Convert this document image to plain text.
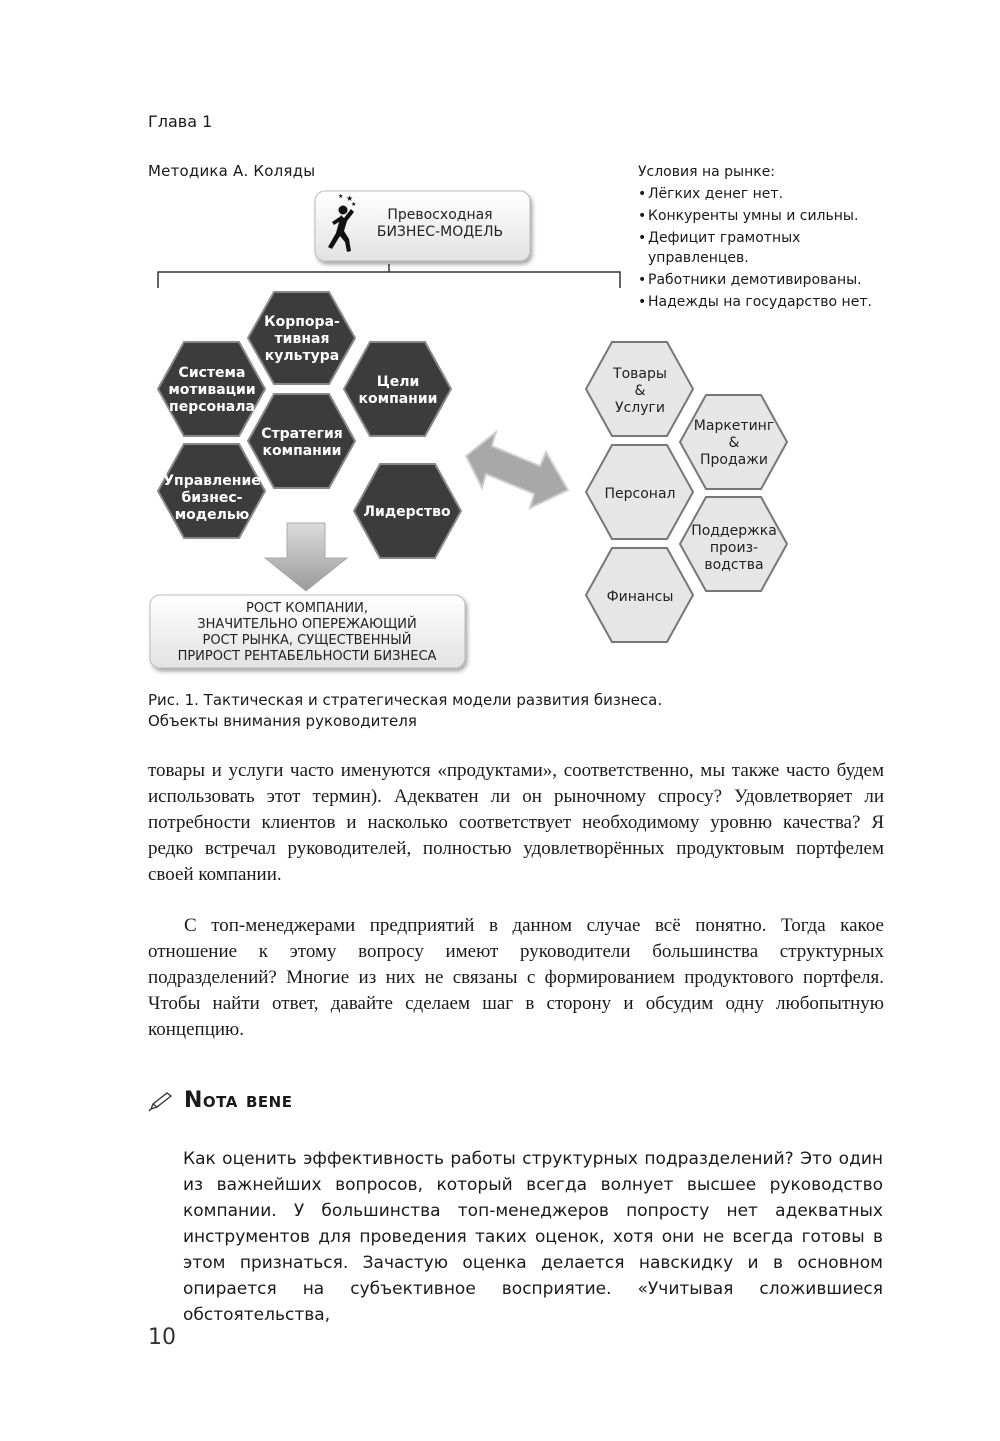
Глава 1
Методика А. Коляды	Условия на рынке:
• Лёгких денег нет.
• Конкуренты умны и сильны.
• Дефицит грамотных управленцев.
• Работники демотивированы.
• Надежды на государство нет.
★
★
★
Превосходная
БИЗНЕС-МОДЕЛЬ
Корпора-
тивная
культура
Система
мотивации
персонала
Цели
компании
Стратегия
компании
Управление
бизнес-
моделью	Лидерство
РОСТ КОМПАНИИ,
ЗНАЧИТЕЛЬНО ОПЕРЕЖАЮЩИЙ
РОСТ РЫНКА, СУЩЕСТВЕННЫЙ
ПРИРОСТ РЕНТАБЕЛЬНОСТИ БИЗНЕСА
Товары
&
Услуги
Маркетинг
&
Продажи
Персонал
Поддержка
произ-
водства
Финансы
Рис. 1. Тактическая и стратегическая модели развития бизнеса.
Объекты внимания руководителя
товары и услуги часто именуются «продуктами», соответственно, мы также часто будем использовать этот термин). Адекватен ли он рыночному спросу? Удовлетворяет ли потребности клиентов и насколько соответствует необходимому уровню качества? Я редко встречал руководителей, полностью удовлетворённых продуктовым портфелем своей компании.
С топ-менеджерами предприятий в данном случае всё понятно. Тогда какое отношение к этому вопросу имеют руководители большинства структурных подразделений? Многие из них не связаны с формированием продуктового портфеля. Чтобы найти ответ, давайте сделаем шаг в сторону и обсудим одну любопытную концепцию.
Nota bene
Как оценить эффективность работы структурных подразделений? Это один из важнейших вопросов, который всегда волнует высшее руководство компании. У большинства топ-менеджеров попросту нет адекватных инструментов для проведения таких оценок, хотя они не всегда готовы в этом признаться. Зачастую оценка делается навскидку и в основном опирается на субъективное восприятие. «Учитывая сложившиеся обстоятельства,
10
